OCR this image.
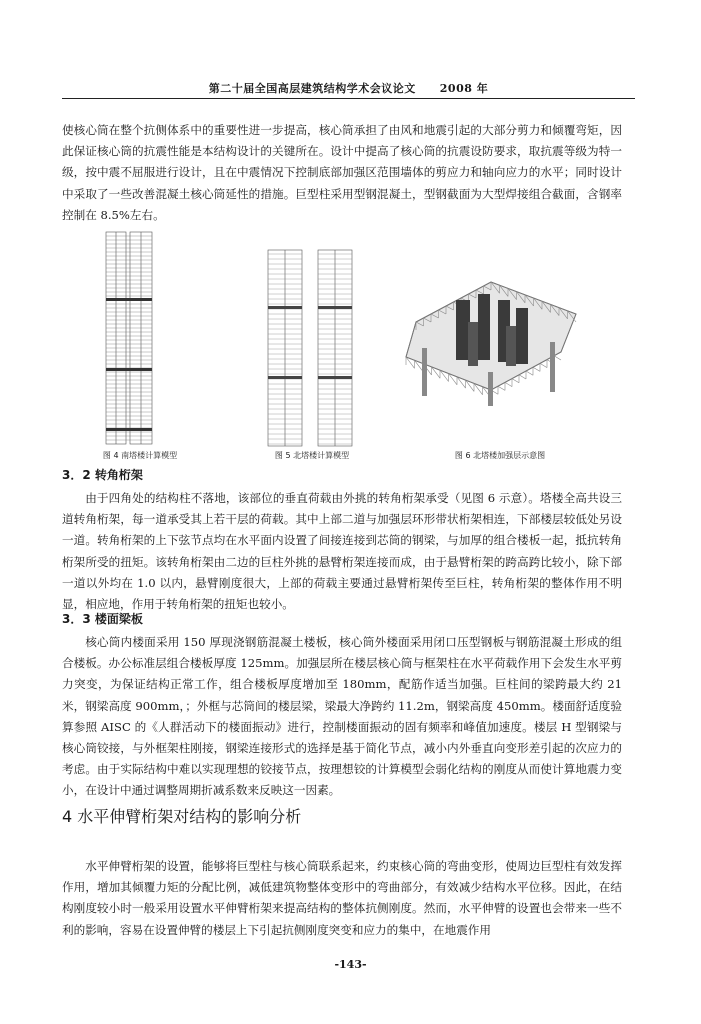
第二十届全国高层建筑结构学术会议论文 2008 年

使核心筒在整个抗侧体系中的重要性进一步提高，核心筒承担了由风和地震引起的大部分剪力和倾覆弯矩，因此保证核心筒的抗震性能是本结构设计的关键所在。设计中提高了核心筒的抗震设防要求，取抗震等级为特一级，按中震不屈服进行设计，且在中震情况下控制底部加强区范围墙体的剪应力和轴向应力的水平；同时设计中采取了一些改善混凝土核心筒延性的措施。巨型柱采用型钢混凝土，型钢截面为大型焊接组合截面，含钢率控制在 8.5%左右。

图 4 南塔楼计算模型	图 5 北塔楼计算模型	图 6 北塔楼加强层示意图
3．2 转角桁架

由于四角处的结构柱不落地，该部位的垂直荷载由外挑的转角桁架承受（见图 6 示意）。塔楼全高共设三道转角桁架，每一道承受其上若干层的荷载。其中上部二道与加强层环形带状桁架相连，下部楼层较低处另设一道。转角桁架的上下弦节点均在水平面内设置了间接连接到芯筒的钢梁，与加厚的组合楼板一起，抵抗转角桁架所受的扭矩。该转角桁架由二边的巨柱外挑的悬臂桁架连接而成，由于悬臂桁架的跨高跨比较小，除下部一道以外均在 1.0 以内，悬臂刚度很大，上部的荷载主要通过悬臂桁架传至巨柱，转角桁架的整体作用不明显，相应地，作用于转角桁架的扭矩也较小。

3．3 楼面梁板

核心筒内楼面采用 150 厚现浇钢筋混凝土楼板，核心筒外楼面采用闭口压型钢板与钢筋混凝土形成的组合楼板。办公标准层组合楼板厚度 125mm。加强层所在楼层核心筒与框架柱在水平荷载作用下会发生水平剪力突变，为保证结构正常工作，组合楼板厚度增加至 180mm，配筋作适当加强。巨柱间的梁跨最大约 21 米，钢梁高度 900mm，；外框与芯筒间的楼层梁，梁最大净跨约 11.2m，钢梁高度 450mm。楼面舒适度验算参照 AISC 的《人群活动下的楼面振动》进行，控制楼面振动的固有频率和峰值加速度。楼层 H 型钢梁与核心筒铰接，与外框架柱刚接，钢梁连接形式的选择是基于简化节点，减小内外垂直向变形差引起的次应力的考虑。由于实际结构中难以实现理想的铰接节点，按理想铰的计算模型会弱化结构的刚度从而使计算地震力变小，在设计中通过调整周期折减系数来反映这一因素。

4 水平伸臂桁架对结构的影响分析

水平伸臂桁架的设置，能够将巨型柱与核心筒联系起来，约束核心筒的弯曲变形，使周边巨型柱有效发挥作用，增加其倾覆力矩的分配比例，减低建筑物整体变形中的弯曲部分，有效减少结构水平位移。因此，在结构刚度较小时一般采用设置水平伸臂桁架来提高结构的整体抗侧刚度。然而，水平伸臂的设置也会带来一些不利的影响，容易在设置伸臂的楼层上下引起抗侧刚度突变和应力的集中，在地震作用

-143-
